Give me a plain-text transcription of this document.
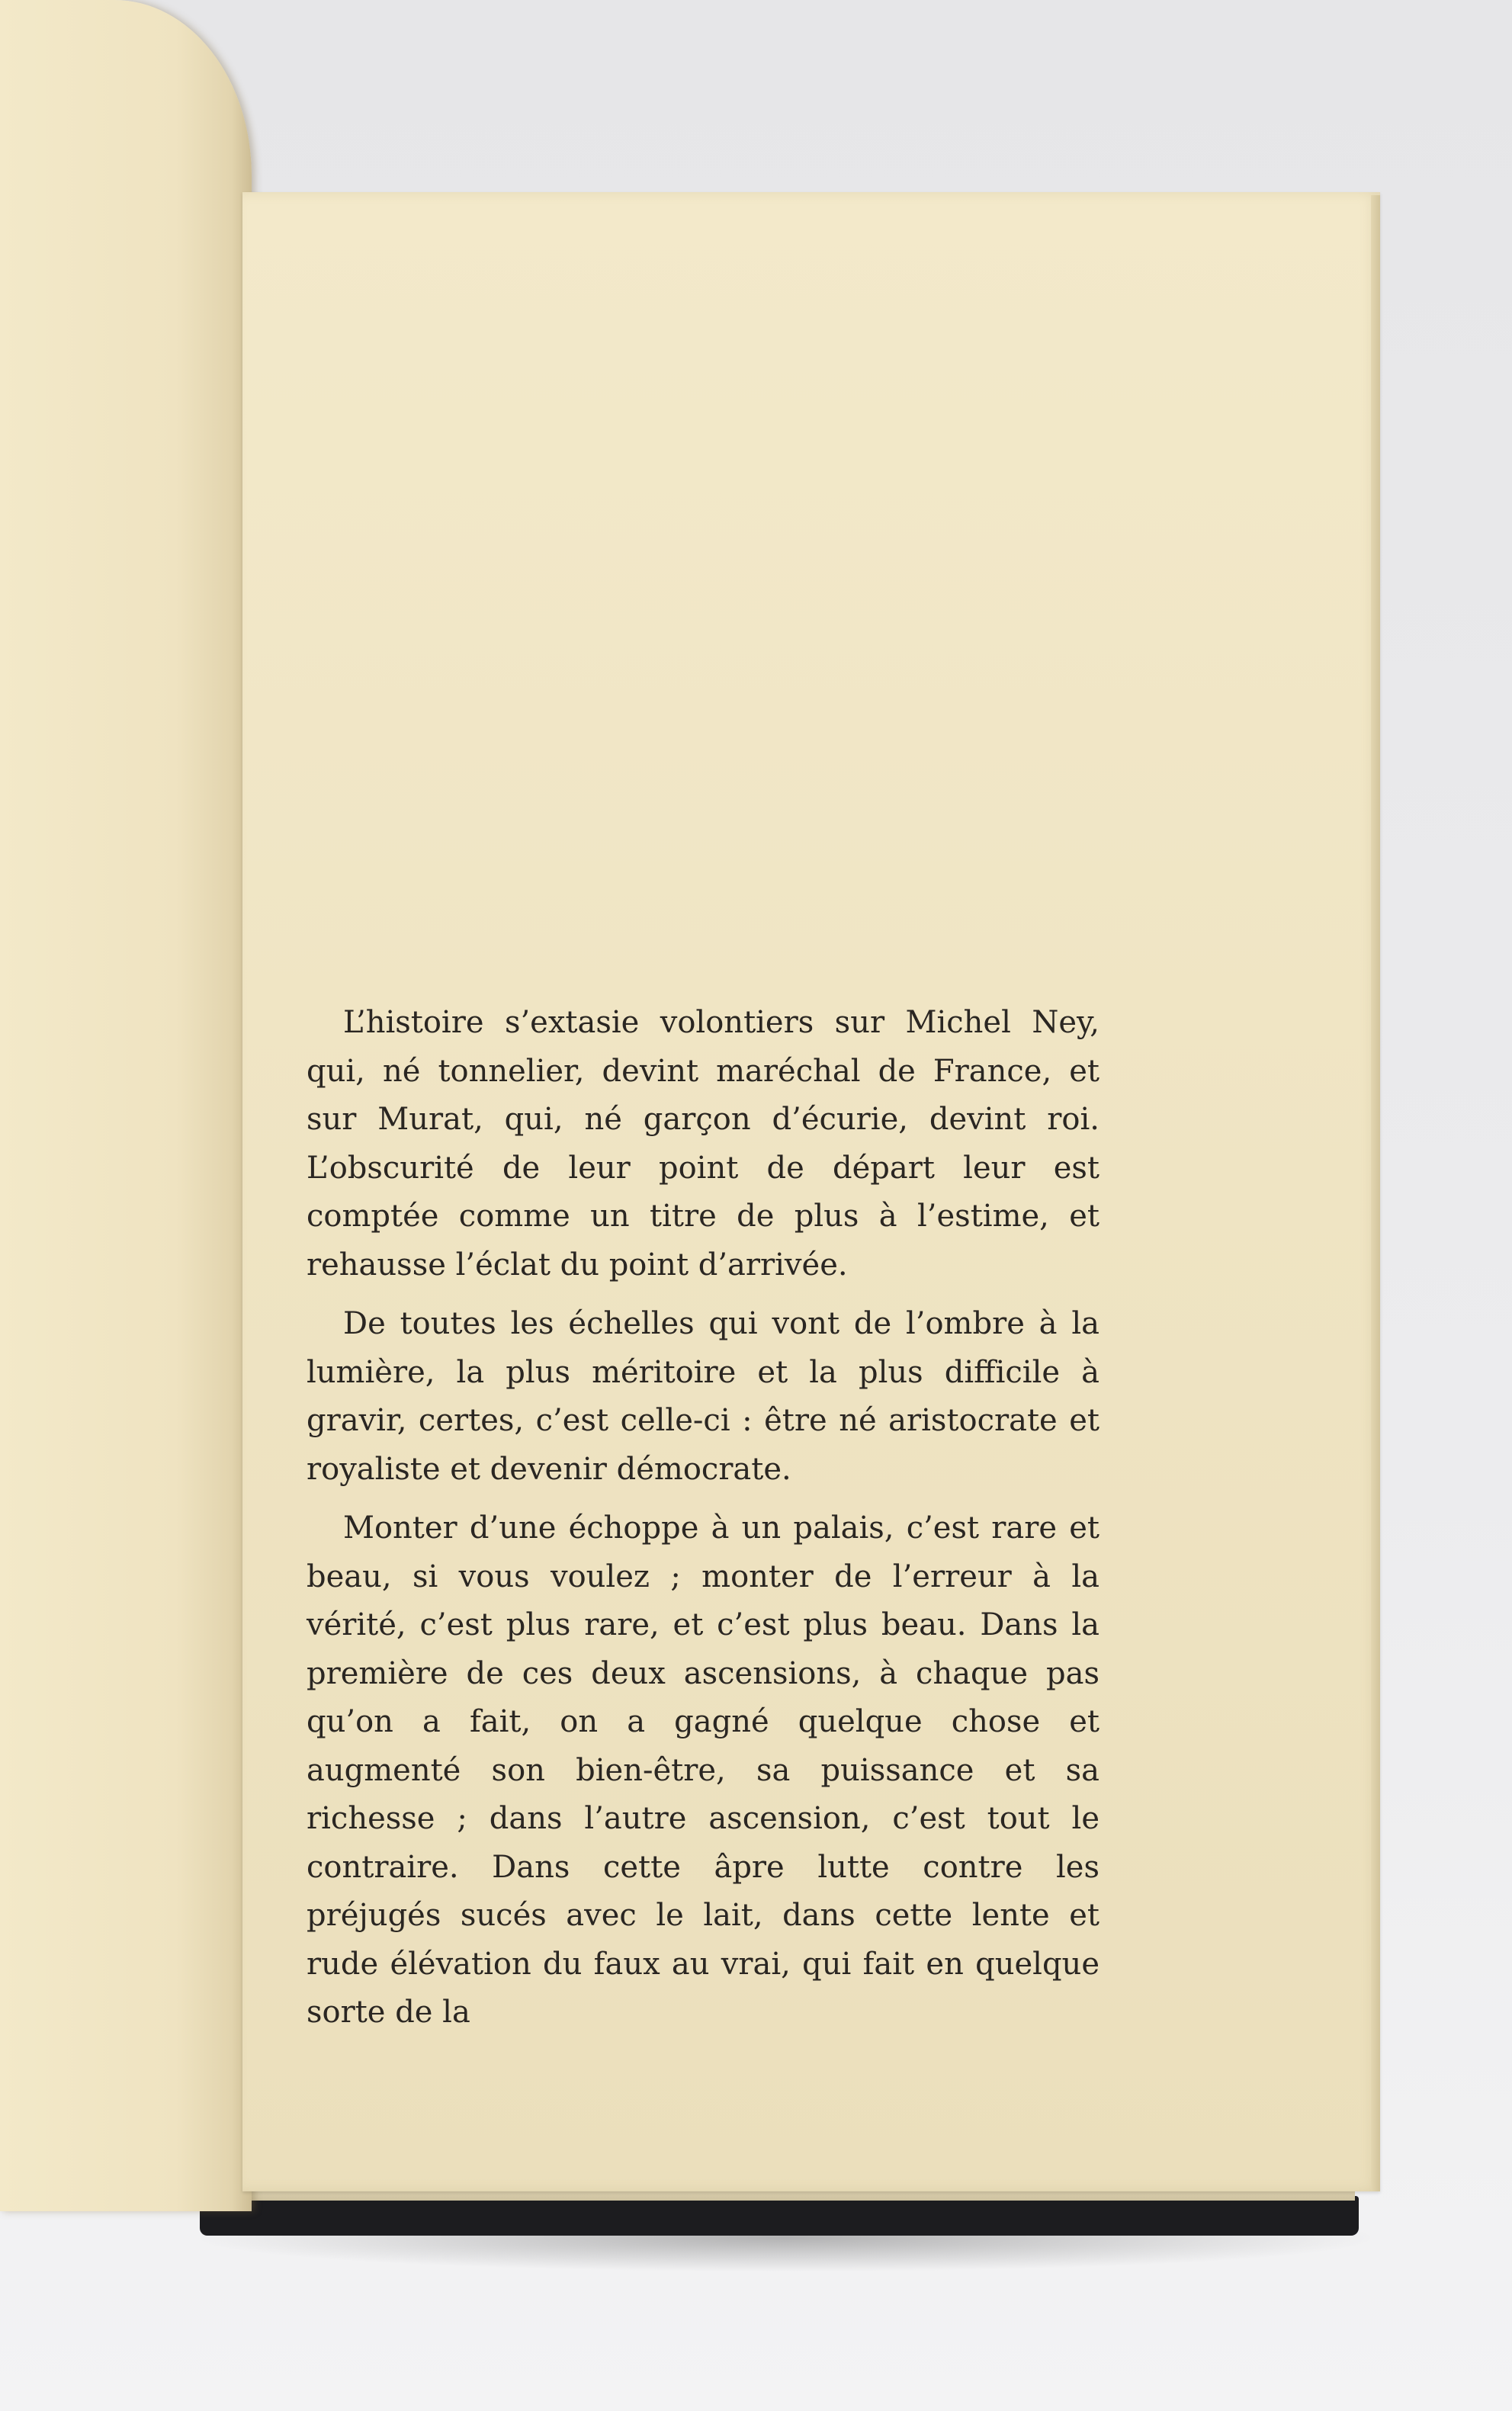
L’histoire s’extasie volontiers sur Michel Ney, qui, né tonnelier, devint maréchal de France, et sur Murat, qui, né garçon d’écurie, devint roi. L’obscurité de leur point de départ leur est comptée comme un titre de plus à l’estime, et rehausse l’éclat du point d’arrivée.

De toutes les échelles qui vont de l’ombre à la lumière, la plus méritoire et la plus difficile à gravir, certes, c’est celle-ci : être né aristocrate et royaliste et devenir démocrate.

Monter d’une échoppe à un palais, c’est rare et beau, si vous voulez ; monter de l’erreur à la vérité, c’est plus rare, et c’est plus beau. Dans la première de ces deux ascensions, à chaque pas qu’on a fait, on a gagné quelque chose et augmenté son bien-être, sa puissance et sa richesse ; dans l’autre ascension, c’est tout le contraire. Dans cette âpre lutte contre les préjugés sucés avec le lait, dans cette lente et rude élévation du faux au vrai, qui fait en quelque sorte de la
